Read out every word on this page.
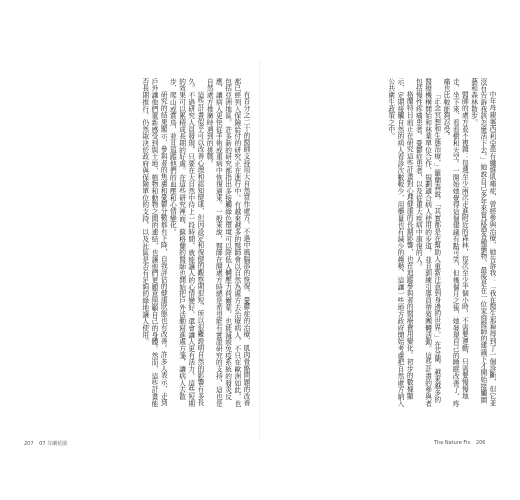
有百分之二十的醫師支持用大自然當作處方。不過中風腦部的恢復、憂鬱症的治療、肌肉骨骼問題的改善都已經列入保險給付的研究正在進行中。有越來越多的醫師會以自然為處方去治療病人，不只在歐洲如此，也包括亞洲地區。許多新的研究都指出多接觸綠色環境可以降低人體壓力荷爾蒙，也能減緩免疫系統的發炎反應，讓病人更快從手術或重病中恢復過來。一般來說，醫師在開處方時總是希望能有實證研究的支持，這也是自然處方推廣時遇到的挑戰。

這些計畫似乎可以改善心理和認知健康，但因設定和復健的觀察期很短，所以很難證明自然的影響有多長久。不過研究人員發現，只要在大自然中待上一段時間，就能讓人的心情變好，還會讓人更有活力，這些短期的效果可以累積成長期的好處。在這些研究裡面，蘇格蘭的醫師也開始把戶外活動寫進處方箋，讓病人去散步、爬山或賞鳥，並且追蹤他們的血壓和心情變化。

研究的結果顯示，參與者的焦慮和憂鬱分數都有下降，自我評估的健康狀態也有改善。許多人表示，走到戶外讓他們重新感受到與土地、植物和動物之間的連結，也讓他們更願意照顧自己的身體。然而，這些計畫能否長期推行，仍然取決於政府與保險單位的支持，以及社區是否有足夠的綠地讓人使用。	中年母親塞西莉亞患有纖維肌痛症，曾經參與治療，她告訴我：「我在醫生那裡得到了一個診斷，但它並沒有告訴我該怎麼活下去。」她說自己多年來嘗試過各種藥物，最後是在一位家庭醫師的建議下才開始接觸園藝和森林散步。

醫師的處方並不複雜：每週至少兩次走進附近的森林，每次至少半個小時，不需要運動，只需要慢慢地走、坐下來、看看樹和天空。一開始她覺得這個建議有點可笑，但幾個月之後，她發現自己的睡眠改善了，疼痛也比較能夠忍受。

「正念冥想和生態治療，」羅蘭森說，「其實都是在幫助人重新注意到身邊的世界。」在芬蘭，越來越多的醫療機構開始和林業單位合作，規劃適合病人使用的步道，並且訓練引導員帶領團體活動。這些計畫的參與者包括慢性疼痛患者、憂鬱症患者，以及從重大疾病中康復的人。

格蘭特目前正在研究這些計畫對心理健康的長期影響，也在追蹤參與者的醫療費用變化。初步的數據顯示，定期接觸自然的病人看診次數較少，用藥量也有減少的趨勢，這讓一些地方政府開始考慮把自然處方納入公共衛生政策之中。

207 07 芬蘭花園	The Nature Fix 206
